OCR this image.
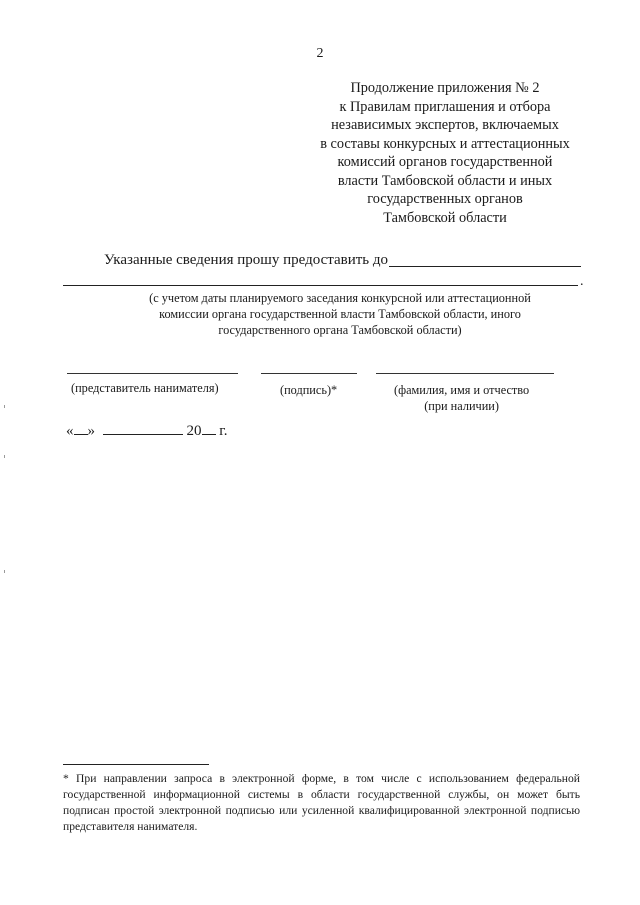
2
Продолжение приложения № 2
к Правилам приглашения и отбора
независимых экспертов, включаемых
в составы конкурсных и аттестационных
комиссий органов государственной
власти Тамбовской области и иных
государственных органов
Тамбовской области
Указанные сведения прошу предоставить до
.
(с учетом даты планируемого заседания конкурсной или аттестационной
комиссии органа государственной власти Тамбовской области, иного
государственного органа Тамбовской области)
(представитель нанимателя)	(подпись)*	(фамилия, имя и отчество
(при наличии)
« »	20 г.
* При направлении запроса в электронной форме, в том числе с использованием федеральной государственной информационной системы в области государственной службы, он может быть подписан простой электронной подписью или усиленной квалифицированной электронной подписью представителя нанимателя.
